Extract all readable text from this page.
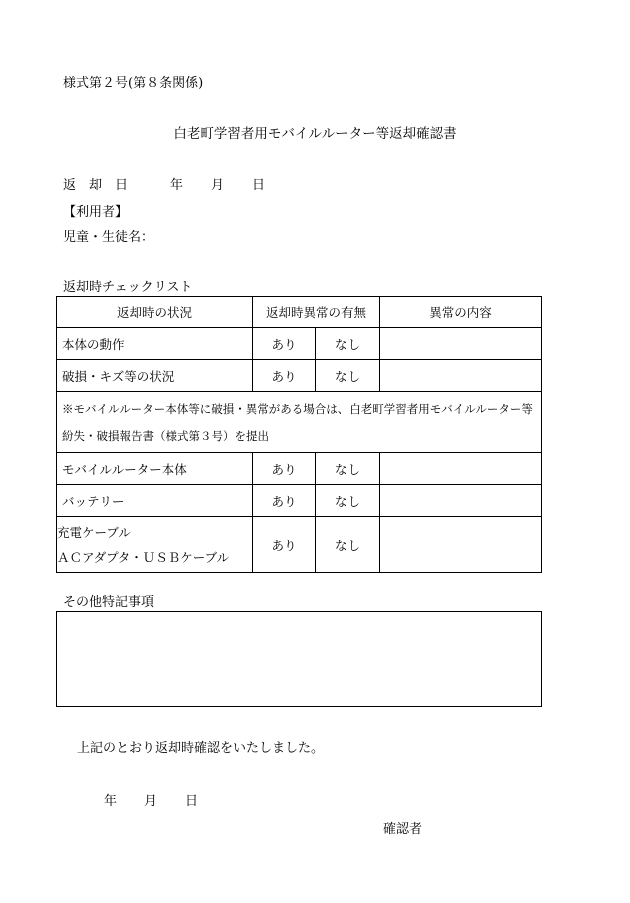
様式第２号(第８条関係)
白老町学習者用モバイルルーター等返却確認書
返　却　日	年 月 日
【利用者】
児童・生徒名：
返却時チェックリスト
返却時の状況	返却時異常の有無		異常の内容
本体の動作	あり	なし	
破損・キズ等の状況	あり	なし	
※モバイルルーター本体等に破損・異常がある場合は、白老町学習者用モバイルルーター等紛失・破損報告書（様式第３号）を提出			
モバイルルーター本体	あり	なし	
バッテリー	あり	なし	

充電ケーブル
ＡＣアダプタ・ＵＳＢケーブル	あり	なし	
その他特記事項
上記のとおり返却時確認をいたしました。
年 月 日
確認者
